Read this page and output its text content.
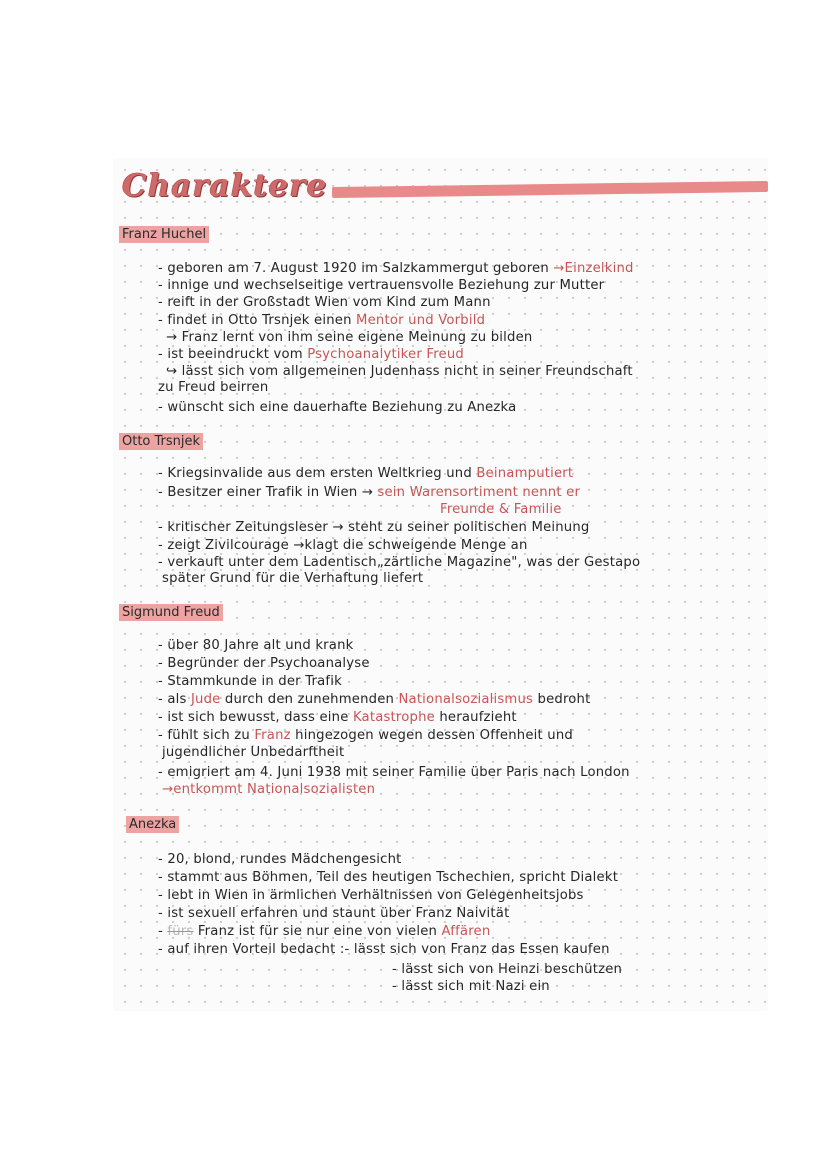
Charaktere
Franz Huchel
- geboren am 7. August 1920 im Salzkammergut geboren →Einzelkind
- innige und wechselseitige vertrauensvolle Beziehung zur Mutter
- reift in der Großstadt Wien vom Kind zum Mann
- findet in Otto Trsnjek einen Mentor und Vorbild
→ Franz lernt von ihm seine eigene Meinung zu bilden
- ist beeindruckt vom Psychoanalytiker Freud
↪ lässt sich vom allgemeinen Judenhass nicht in seiner Freundschaft
zu Freud beirren
- wünscht sich eine dauerhafte Beziehung zu Anezka
Otto Trsnjek
- Kriegsinvalide aus dem ersten Weltkrieg und Beinamputiert
- Besitzer einer Trafik in Wien → sein Warensortiment nennt er
Freunde & Familie
- kritischer Zeitungsleser → steht zu seiner politischen Meinung
- zeigt Zivilcourage →klagt die schweigende Menge an
- verkauft unter dem Ladentisch„zärtliche Magazine", was der Gestapo
später Grund für die Verhaftung liefert
Sigmund Freud
- über 80 Jahre alt und krank
- Begründer der Psychoanalyse
- Stammkunde in der Trafik
- als Jude durch den zunehmenden Nationalsozialismus bedroht
- ist sich bewusst, dass eine Katastrophe heraufzieht
- fühlt sich zu Franz hingezogen wegen dessen Offenheit und
jugendlicher Unbedarftheit
- emigriert am 4. Juni 1938 mit seiner Familie über Paris nach London
→entkommt Nationalsozialisten
Anezka
- 20, blond, rundes Mädchengesicht
- stammt aus Böhmen, Teil des heutigen Tschechien, spricht Dialekt
- lebt in Wien in ärmlichen Verhältnissen von Gelegenheitsjobs
- ist sexuell erfahren und staunt über Franz Naivität
- fürs Franz ist für sie nur eine von vielen Affären
- auf ihren Vorteil bedacht :- lässt sich von Franz das Essen kaufen
- lässt sich von Heinzi beschützen
- lässt sich mit Nazi ein
